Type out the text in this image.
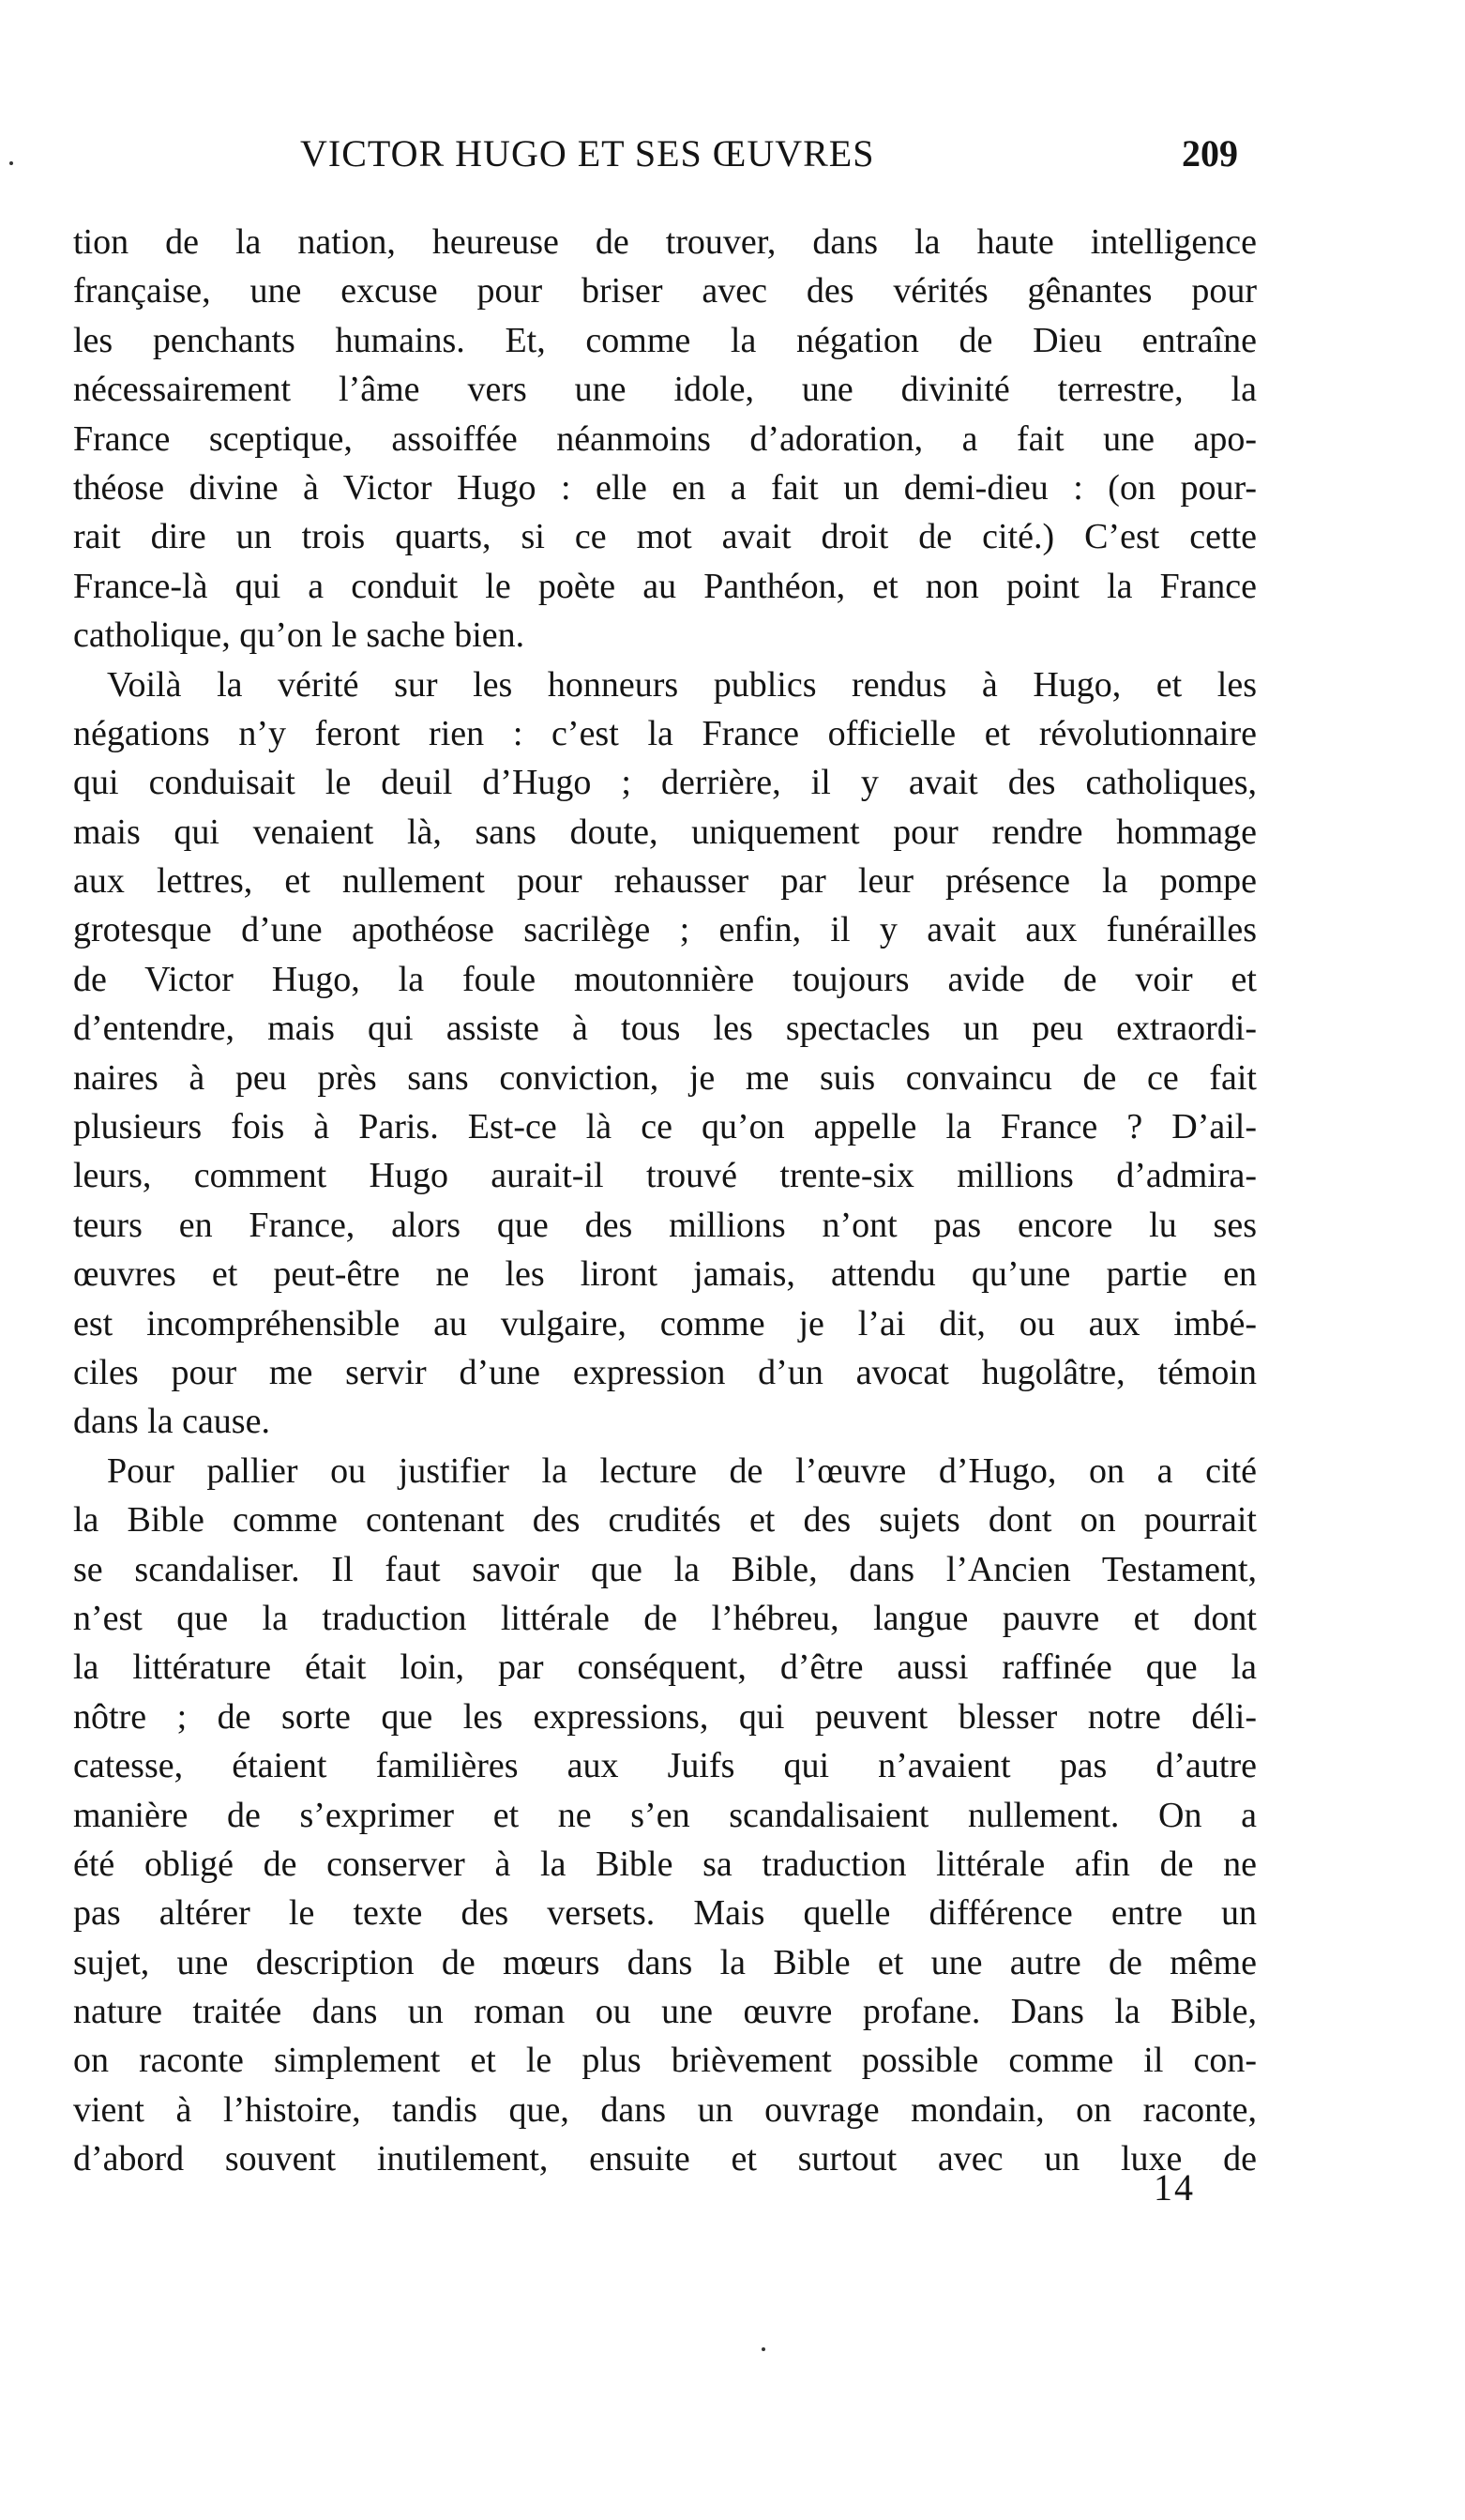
VICTOR HUGO ET SES ŒUVRES	209
tion de la nation, heureuse de trouver, dans la haute intelligence
française, une excuse pour briser avec des vérités gênantes pour
les penchants humains. Et, comme la négation de Dieu entraîne
nécessairement l’âme vers une idole, une divinité terrestre, la
France sceptique, assoiffée néanmoins d’adoration, a fait une apo-
théose divine à Victor Hugo : elle en a fait un demi-dieu : (on pour-
rait dire un trois quarts, si ce mot avait droit de cité.) C’est cette
France-là qui a conduit le poète au Panthéon, et non point la France
catholique, qu’on le sache bien.
Voilà la vérité sur les honneurs publics rendus à Hugo, et les
négations n’y feront rien : c’est la France officielle et révolutionnaire
qui conduisait le deuil d’Hugo ; derrière, il y avait des catholiques,
mais qui venaient là, sans doute, uniquement pour rendre hommage
aux lettres, et nullement pour rehausser par leur présence la pompe
grotesque d’une apothéose sacrilège ; enfin, il y avait aux funérailles
de Victor Hugo, la foule moutonnière toujours avide de voir et
d’entendre, mais qui assiste à tous les spectacles un peu extraordi-
naires à peu près sans conviction, je me suis convaincu de ce fait
plusieurs fois à Paris. Est-ce là ce qu’on appelle la France ? D’ail-
leurs, comment Hugo aurait-il trouvé trente-six millions d’admira-
teurs en France, alors que des millions n’ont pas encore lu ses
œuvres et peut-être ne les liront jamais, attendu qu’une partie en
est incompréhensible au vulgaire, comme je l’ai dit, ou aux imbé-
ciles pour me servir d’une expression d’un avocat hugolâtre, témoin
dans la cause.
Pour pallier ou justifier la lecture de l’œuvre d’Hugo, on a cité
la Bible comme contenant des crudités et des sujets dont on pourrait
se scandaliser. Il faut savoir que la Bible, dans l’Ancien Testament,
n’est que la traduction littérale de l’hébreu, langue pauvre et dont
la littérature était loin, par conséquent, d’être aussi raffinée que la
nôtre ; de sorte que les expressions, qui peuvent blesser notre déli-
catesse, étaient familières aux Juifs qui n’avaient pas d’autre
manière de s’exprimer et ne s’en scandalisaient nullement. On a
été obligé de conserver à la Bible sa traduction littérale afin de ne
pas altérer le texte des versets. Mais quelle différence entre un
sujet, une description de mœurs dans la Bible et une autre de même
nature traitée dans un roman ou une œuvre profane. Dans la Bible,
on raconte simplement et le plus brièvement possible comme il con-
vient à l’histoire, tandis que, dans un ouvrage mondain, on raconte,
d’abord souvent inutilement, ensuite et surtout avec un luxe de
14
